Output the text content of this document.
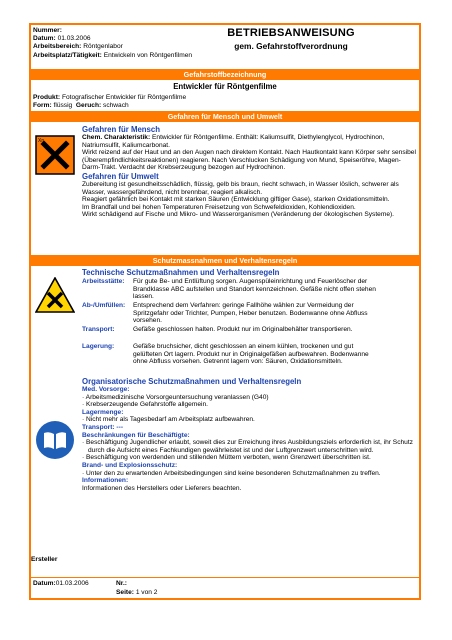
Nummer:
Datum: 01.03.2006
Arbeitsbereich: Röntgenlabor
Arbeitsplatz/Tätigkeit: Entwickeln von Röntgenfilmen
BETRIEBSANWEISUNG
gem. Gefahrstoffverordnung
Gefahrstoffbezeichnung
Entwickler für Röntgenfilme
Produkt: Fotografischer Entwickler für Röntgenfilme
Form: flüssig Geruch: schwach
Gefahren für Mensch und Umwelt
Xn
Gefahren für Mensch
Chem. Charakteristik: Entwickler für Röntgenfilme. Enthält: Kaliumsulfit, Diethylenglycol, Hydrochinon, Natriumsulfit, Kaliumcarbonat.
Wirkt reizend auf der Haut und an den Augen nach direktem Kontakt. Nach Hautkontakt kann Körper sehr sensibel (Überempfindlichkeitsreaktionen) reagieren. Nach Verschlucken Schädigung von Mund, Speiseröhre, Magen-Darm-Trakt. Verdacht der Krebserzeugung bezogen auf Hydrochinon.
Gefahren für Umwelt
Zubereitung ist gesundheitsschädlich, flüssig, gelb bis braun, riecht schwach, in Wasser löslich, schwerer als Wasser, wassergefährdend, nicht brennbar, reagiert alkalisch.
Reagiert gefährlich bei Kontakt mit starken Säuren (Entwicklung giftiger Gase), starken Oxidationsmitteln.
Im Brandfall und bei hohen Temperaturen Freisetzung von Schwefeldioxiden, Kohlendioxiden.
Wirkt schädigend auf Fische und Mikro- und Wasserorganismen (Veränderung der ökologischen Systeme).
Schutzmassnahmen und Verhaltensregeln
Technische Schutzmaßnahmen und Verhaltensregeln
Arbeitsstätte: Für gute Be- und Entlüftung sorgen. Augenspüleinrichtung und Feuerlöscher der Brandklasse ABC aufstellen und Standort kennzeichnen. Gefäße nicht offen stehen lassen.
Ab-/Umfüllen: Entsprechend dem Verfahren: geringe Fallhöhe wählen zur Vermeidung der Spritzgefahr oder Trichter, Pumpen, Heber benutzen. Bodenwanne ohne Abfluss vorsehen.
Transport:	Gefäße geschlossen halten. Produkt nur im Originalbehälter transportieren.
Lagerung:	Gefäße bruchsicher, dicht geschlossen an einem kühlen, trockenen und gut gelüfteten Ort lagern. Produkt nur in Originalgefäßen aufbewahren. Bodenwanne ohne Abfluss vorsehen. Getrennt lagern von: Säuren, Oxidationsmitteln.
Organisatorische Schutzmaßnahmen und Verhaltensregeln
Med. Vorsorge:
· Arbeitsmedizinische Vorsorgeuntersuchung veranlassen (G40)
· Krebserzeugende Gefahrstoffe allgemein.
Lagermenge:
· Nicht mehr als Tagesbedarf am Arbeitsplatz aufbewahren.
Transport: ---
Beschränkungen für Beschäftigte:
· Beschäftigung Jugendlicher erlaubt, soweit dies zur Erreichung ihres Ausbildungsziels erforderlich ist, ihr Schutz durch die Aufsicht eines Fachkundigen gewährleistet ist und der Luftgrenzwert unterschritten wird.
· Beschäftigung von werdenden und stillenden Müttern verboten, wenn Grenzwert überschritten ist.
Brand- und Explosionsschutz:
· Unter den zu erwartenden Arbeitsbedingungen sind keine besonderen Schutzmaßnahmen zu treffen.
Informationen:
Informationen des Herstellers oder Lieferers beachten.
Ersteller
Datum:01.03.2006	Nr.:
Seite: 1 von 2
